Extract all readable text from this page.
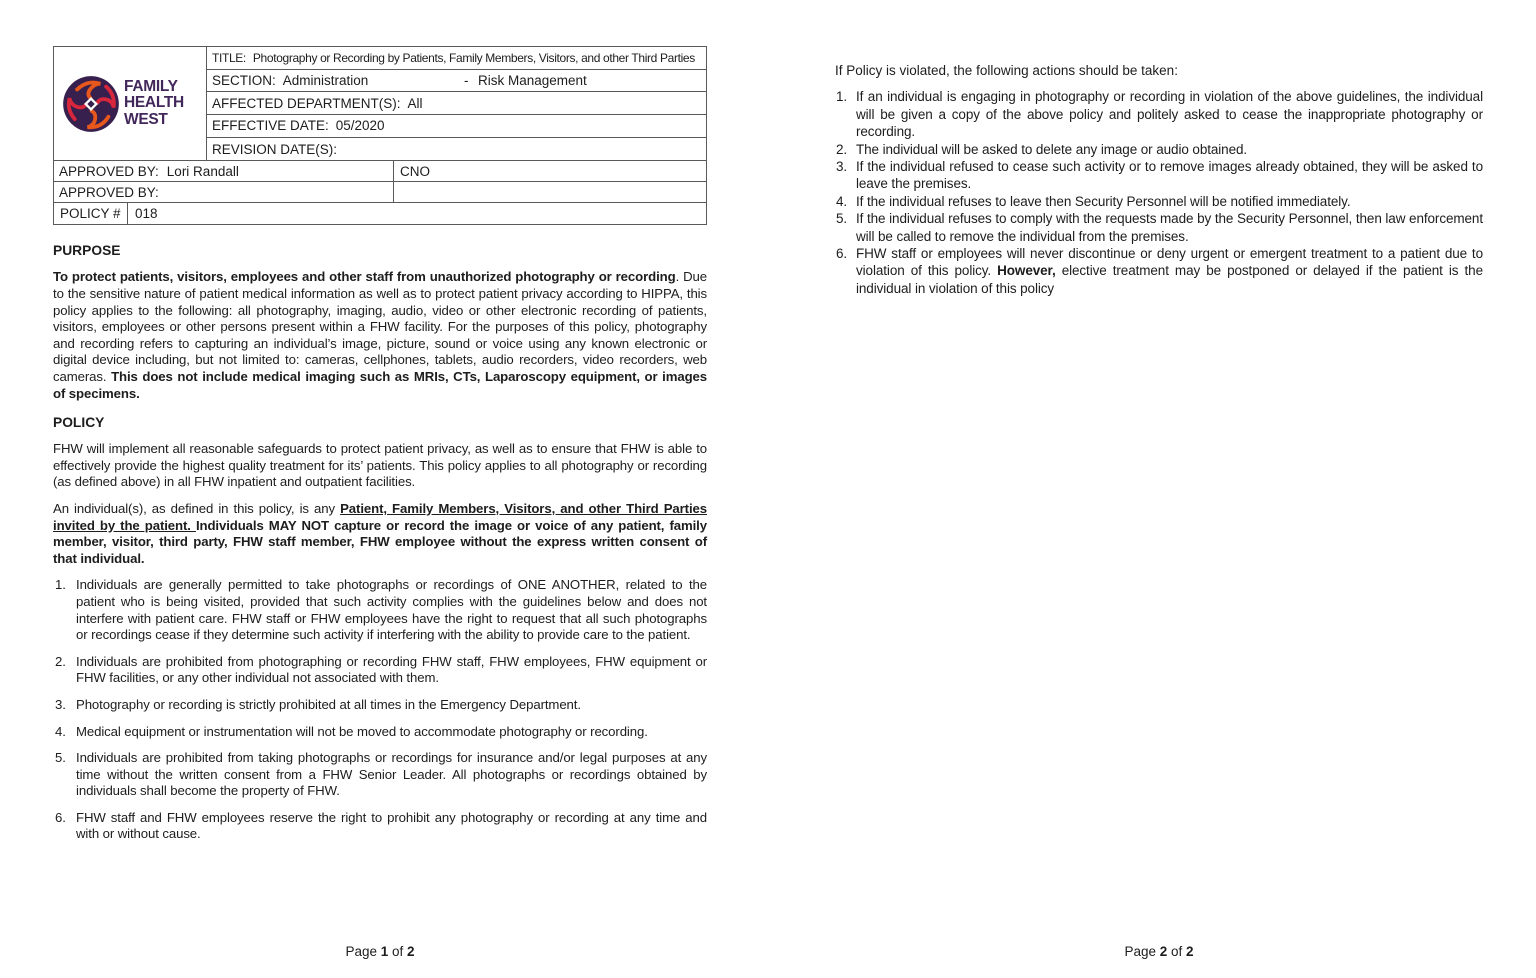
FAMILY
HEALTH
WEST
TITLE: Photography or Recording by Patients, Family Members, Visitors, and other Third Parties
SECTION: Administration	- Risk Management
AFFECTED DEPARTMENT(S): All
EFFECTIVE DATE: 05/2020
REVISION DATE(S):
APPROVED BY: Lori Randall	CNO
APPROVED BY:
POLICY #	018
PURPOSE

To protect patients, visitors, employees and other staff from unauthorized photography or recording. Due to the sensitive nature of patient medical information as well as to protect patient privacy according to HIPPA, this policy applies to the following: all photography, imaging, audio, video or other electronic recording of patients, visitors, employees or other persons present within a FHW facility. For the purposes of this policy, photography and recording refers to capturing an individual’s image, picture, sound or voice using any known electronic or digital device including, but not limited to: cameras, cellphones, tablets, audio recorders, video recorders, web cameras. This does not include medical imaging such as MRIs, CTs, Laparoscopy equipment, or images of specimens.

POLICY

FHW will implement all reasonable safeguards to protect patient privacy, as well as to ensure that FHW is able to effectively provide the highest quality treatment for its’ patients. This policy applies to all photography or recording (as defined above) in all FHW inpatient and outpatient facilities.

An individual(s), as defined in this policy, is any Patient, Family Members, Visitors, and other Third Parties invited by the patient. Individuals MAY NOT capture or record the image or voice of any patient, family member, visitor, third party, FHW staff member, FHW employee without the express written consent of that individual.

1. Individuals are generally permitted to take photographs or recordings of ONE ANOTHER, related to the patient who is being visited, provided that such activity complies with the guidelines below and does not interfere with patient care. FHW staff or FHW employees have the right to request that all such photographs or recordings cease if they determine such activity if interfering with the ability to provide care to the patient.
2. Individuals are prohibited from photographing or recording FHW staff, FHW employees, FHW equipment or FHW facilities, or any other individual not associated with them.
3. Photography or recording is strictly prohibited at all times in the Emergency Department.
4. Medical equipment or instrumentation will not be moved to accommodate photography or recording.
5. Individuals are prohibited from taking photographs or recordings for insurance and/or legal purposes at any time without the written consent from a FHW Senior Leader. All photographs or recordings obtained by individuals shall become the property of FHW.
6. FHW staff and FHW employees reserve the right to prohibit any photography or recording at any time and with or without cause.
If Policy is violated, the following actions should be taken:
1. If an individual is engaging in photography or recording in violation of the above guidelines, the individual will be given a copy of the above policy and politely asked to cease the inappropriate photography or recording.
2. The individual will be asked to delete any image or audio obtained.
3. If the individual refused to cease such activity or to remove images already obtained, they will be asked to leave the premises.
4. If the individual refuses to leave then Security Personnel will be notified immediately.
5. If the individual refuses to comply with the requests made by the Security Personnel, then law enforcement will be called to remove the individual from the premises.
6. FHW staff or employees will never discontinue or deny urgent or emergent treatment to a patient due to violation of this policy. However, elective treatment may be postponed or delayed if the patient is the individual in violation of this policy
Page 1 of 2	Page 2 of 2
